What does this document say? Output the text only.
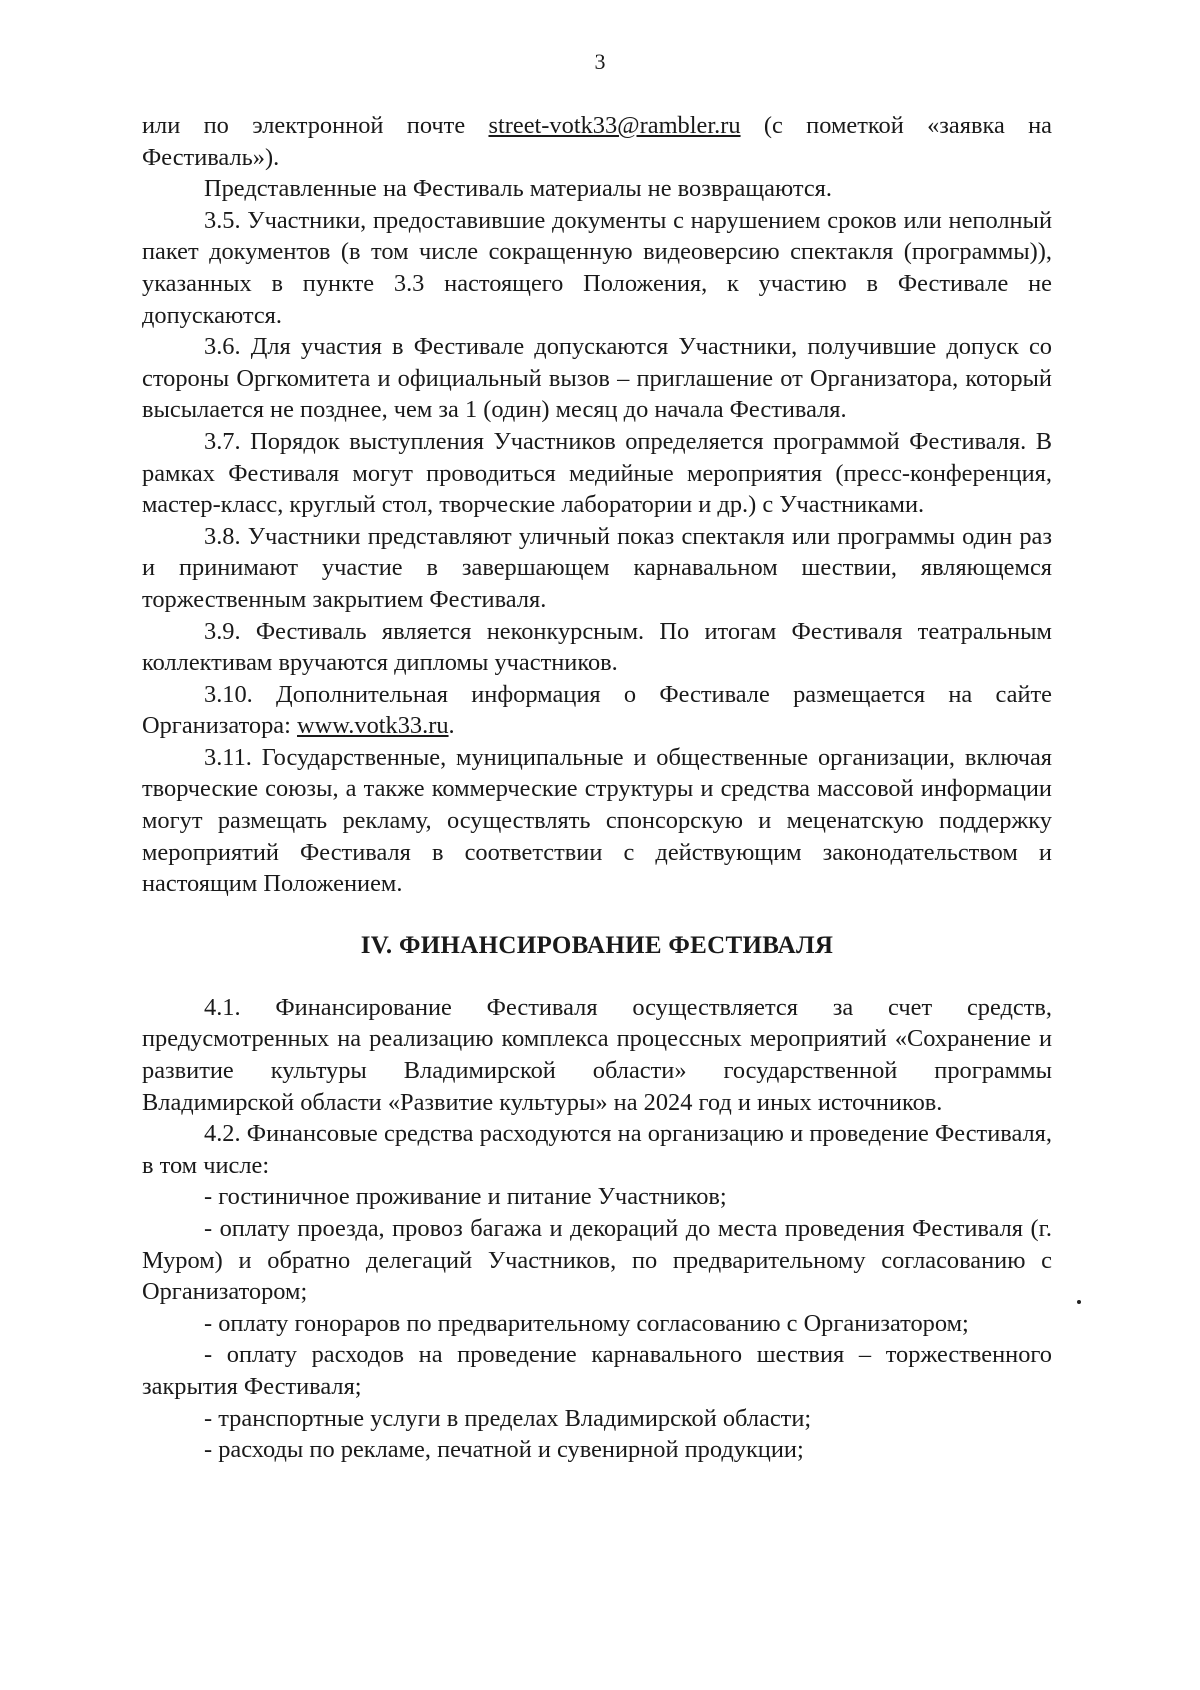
3

или по электронной почте street-votk33@rambler.ru (с пометкой «заявка на Фестиваль»).

Представленные на Фестиваль материалы не возвращаются.

3.5. Участники, предоставившие документы с нарушением сроков или неполный пакет документов (в том числе сокращенную видеоверсию спектакля (программы)), указанных в пункте 3.3 настоящего Положения, к участию в Фестивале не допускаются.

3.6. Для участия в Фестивале допускаются Участники, получившие допуск со стороны Оргкомитета и официальный вызов – приглашение от Организатора, который высылается не позднее, чем за 1 (один) месяц до начала Фестиваля.

3.7. Порядок выступления Участников определяется программой Фестиваля. В рамках Фестиваля могут проводиться медийные мероприятия (пресс-конференция, мастер-класс, круглый стол, творческие лаборатории и др.) с Участниками.

3.8. Участники представляют уличный показ спектакля или программы один раз и принимают участие в завершающем карнавальном шествии, являющемся торжественным закрытием Фестиваля.

3.9. Фестиваль является неконкурсным. По итогам Фестиваля театральным коллективам вручаются дипломы участников.

3.10. Дополнительная информация о Фестивале размещается на сайте Организатора: www.votk33.ru.

3.11. Государственные, муниципальные и общественные организации, включая творческие союзы, а также коммерческие структуры и средства массовой информации могут размещать рекламу, осуществлять спонсорскую и меценатскую поддержку мероприятий Фестиваля в соответствии с действующим законодательством и настоящим Положением.

IV. ФИНАНСИРОВАНИЕ ФЕСТИВАЛЯ

4.1. Финансирование Фестиваля осуществляется за счет средств, предусмотренных на реализацию комплекса процессных мероприятий «Сохранение и развитие культуры Владимирской области» государственной программы Владимирской области «Развитие культуры» на 2024 год и иных источников.

4.2. Финансовые средства расходуются на организацию и проведение Фестиваля, в том числе:

- гостиничное проживание и питание Участников;

- оплату проезда, провоз багажа и декораций до места проведения Фестиваля (г. Муром) и обратно делегаций Участников, по предварительному согласованию с Организатором;

- оплату гонораров по предварительному согласованию с Организатором;

- оплату расходов на проведение карнавального шествия – торжественного закрытия Фестиваля;

- транспортные услуги в пределах Владимирской области;

- расходы по рекламе, печатной и сувенирной продукции;
